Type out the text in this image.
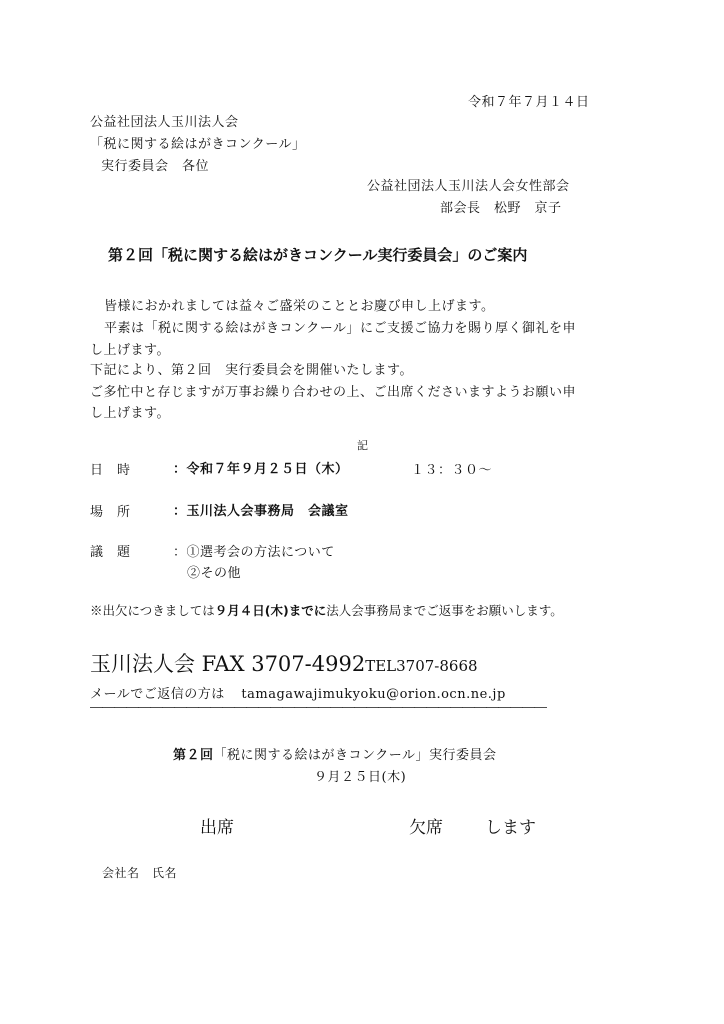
令和７年７月１４日
公益社団法人玉川法人会
「税に関する絵はがきコンクール」
実行委員会　各位
公益社団法人玉川法人会女性部会
部会長　松野　京子
第２回「税に関する絵はがきコンクール実行委員会」のご案内
皆様におかれましては益々ご盛栄のこととお慶び申し上げます。
平素は「税に関する絵はがきコンクール」にご支援ご協力を賜り厚く御礼を申
し上げます。
下記により、第２回　実行委員会を開催いたします。
ご多忙中と存じますが万事お繰り合わせの上、ご出席くださいますようお願い申
し上げます。
記
日　時	：令和７年９月２５日（木）	１３：３０～
場　所	：玉川法人会事務局　会議室
議　題	：①選考会の方法について
②その他
※出欠につきましては９月４日(木)までに法人会事務局までご返事をお願いします。
玉川法人会 FAX 3707-4992TEL3707-8668
メールでご返信の方は tamagawajimukyoku@orion.ocn.ne.jp
――――――――――――――――――――――――――――――――――――――
第２回「税に関する絵はがきコンクール」実行委員会
９月２５日(木)
出席	欠席 します
会社名　氏名
